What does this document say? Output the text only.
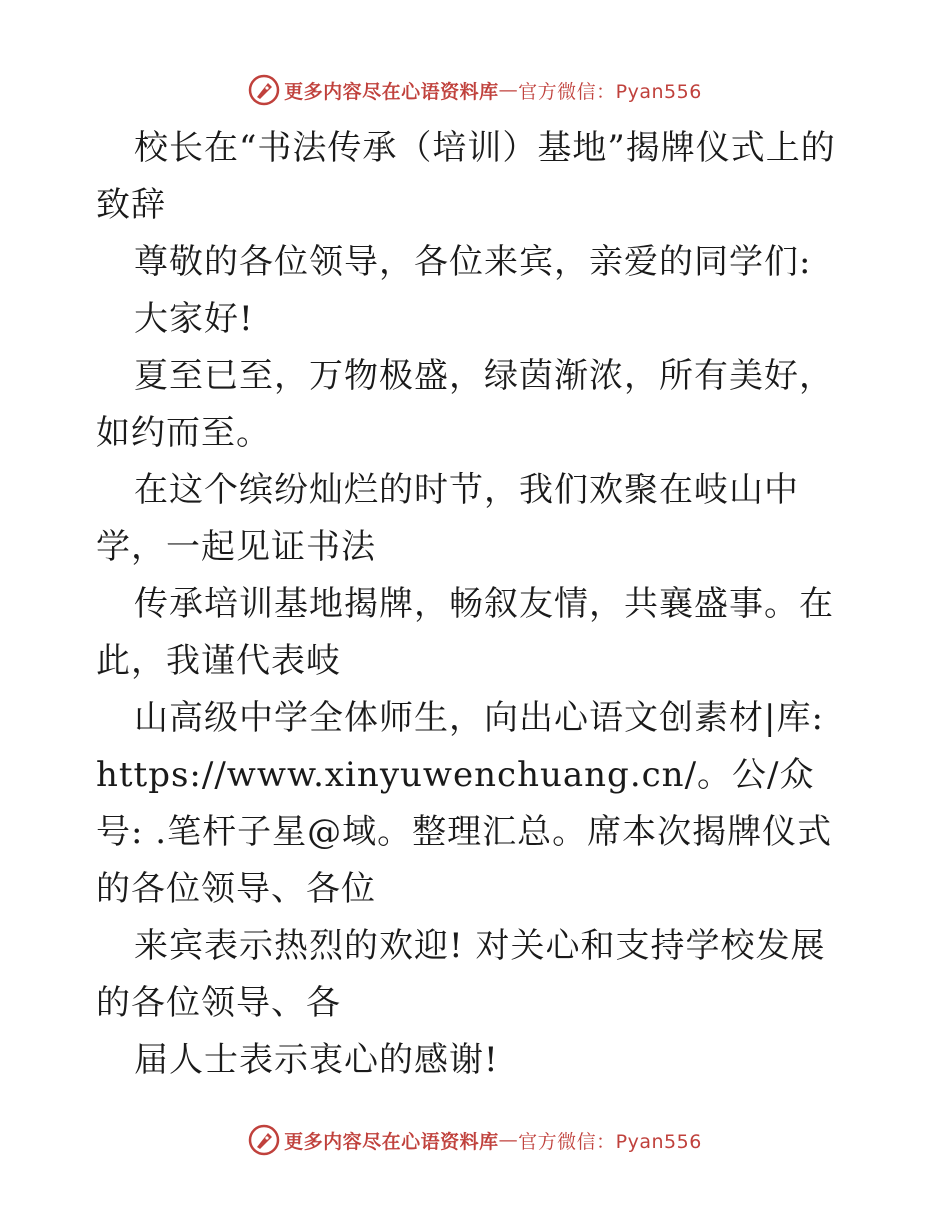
更多内容尽在心语资料库 — 官方微信：Pyan556

校长在“书法传承（培训）基地”揭牌仪式上的致辞

尊敬的各位领导，各位来宾，亲爱的同学们:

大家好!

夏至已至，万物极盛，绿茵渐浓，所有美好，如约而至。

在这个缤纷灿烂的时节，我们欢聚在岐山中学，一起见证书法

传承培训基地揭牌，畅叙友情，共襄盛事。在此，我谨代表岐

山高级中学全体师生，向出心语文创素材|库: https://www.xinyuwenchuang.cn/。公/众号: .笔杆子星@域。整理汇总。席本次揭牌仪式的各位领导、各位

来宾表示热烈的欢迎! 对关心和支持学校发展的各位领导、各

届人士表示衷心的感谢!

更多内容尽在心语资料库 — 官方微信：Pyan556
